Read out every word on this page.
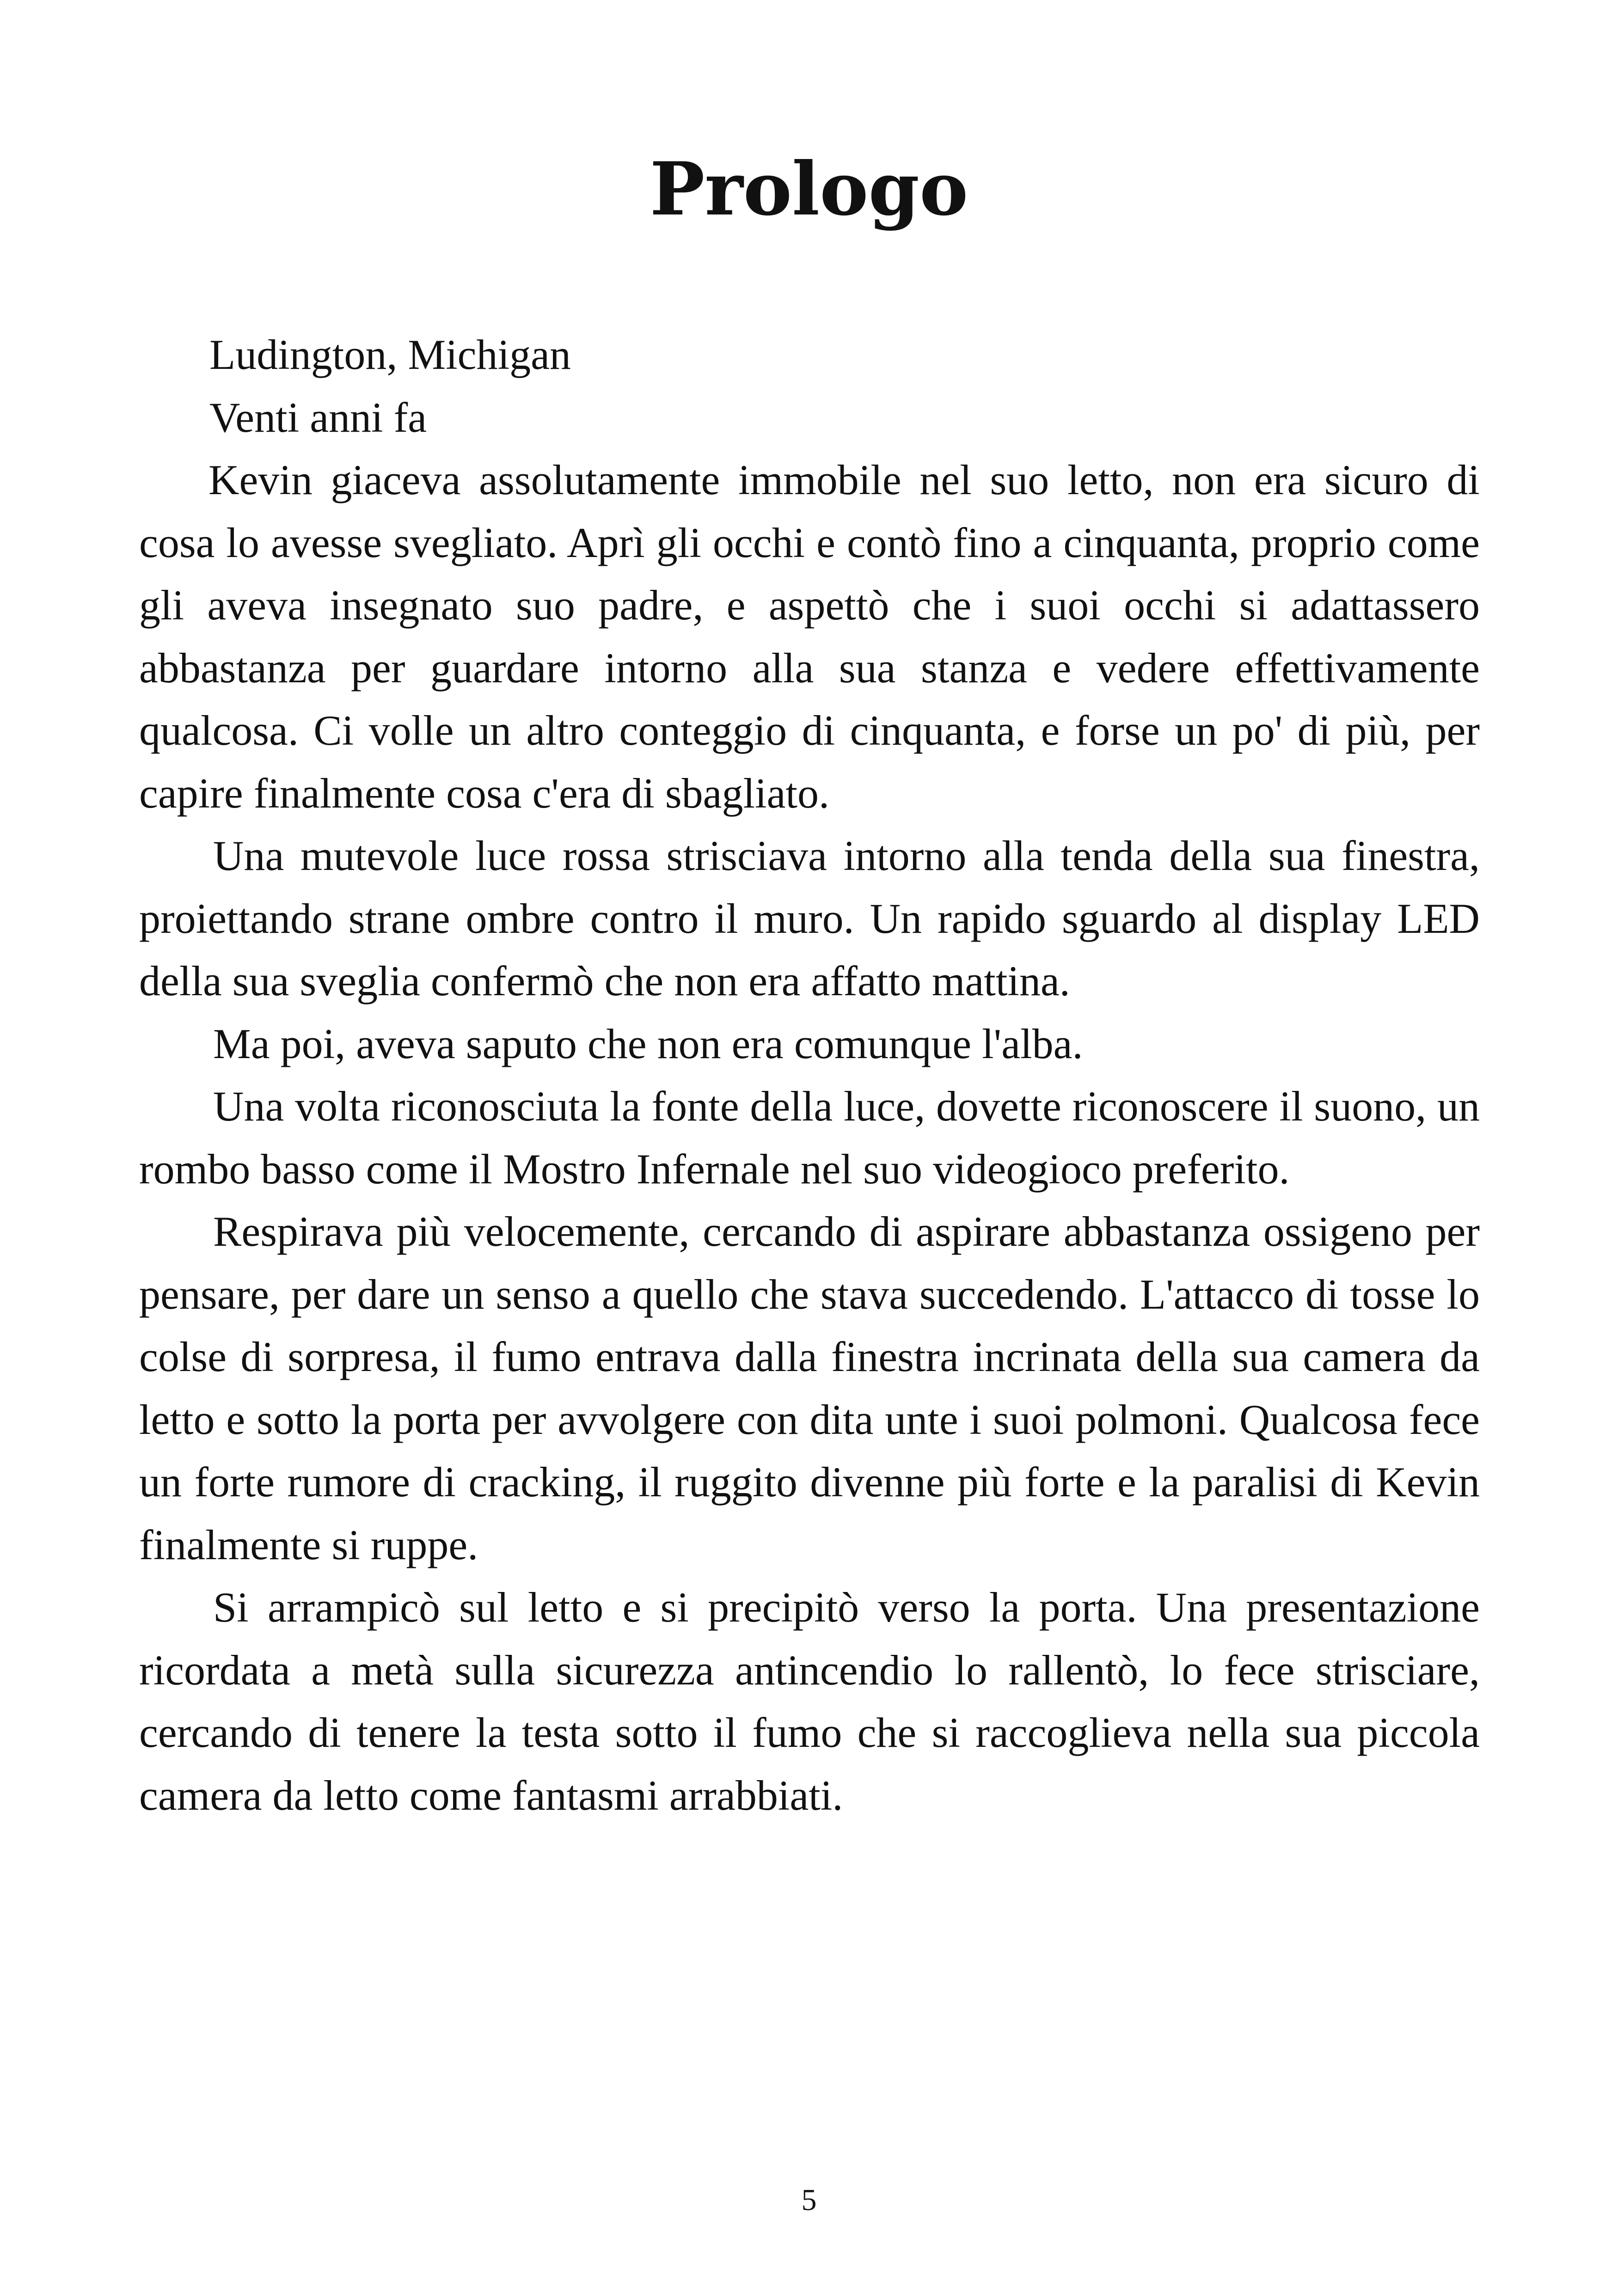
Prologo

Ludington, Michigan

Venti anni fa

Kevin giaceva assolutamente immobile nel suo letto, non era sicuro di cosa lo avesse svegliato. Aprì gli occhi e contò fino a cinquanta, proprio come gli aveva insegnato suo padre, e aspettò che i suoi occhi si adattassero abbastanza per guardare intorno alla sua stanza e vedere effettivamente qualcosa. Ci volle un altro conteggio di cinquanta, e forse un po' di più, per capire finalmente cosa c'era di sbagliato.

Una mutevole luce rossa strisciava intorno alla tenda della sua finestra, proiettando strane ombre contro il muro. Un rapido sguardo al display LED della sua sveglia confermò che non era affatto mattina.

Ma poi, aveva saputo che non era comunque l'alba.

Una volta riconosciuta la fonte della luce, dovette riconoscere il suono, un rombo basso come il Mostro Infernale nel suo videogioco preferito.

Respirava più velocemente, cercando di aspirare abbastanza ossigeno per pensare, per dare un senso a quello che stava succedendo. L'attacco di tosse lo colse di sorpresa, il fumo entrava dalla finestra incrinata della sua camera da letto e sotto la porta per avvolgere con dita unte i suoi polmoni. Qualcosa fece un forte rumore di cracking, il ruggito divenne più forte e la paralisi di Kevin finalmente si ruppe.

Si arrampicò sul letto e si precipitò verso la porta. Una presentazione ricordata a metà sulla sicurezza antincendio lo rallentò, lo fece strisciare, cercando di tenere la testa sotto il fumo che si raccoglieva nella sua piccola camera da letto come fantasmi arrabbiati.

5
